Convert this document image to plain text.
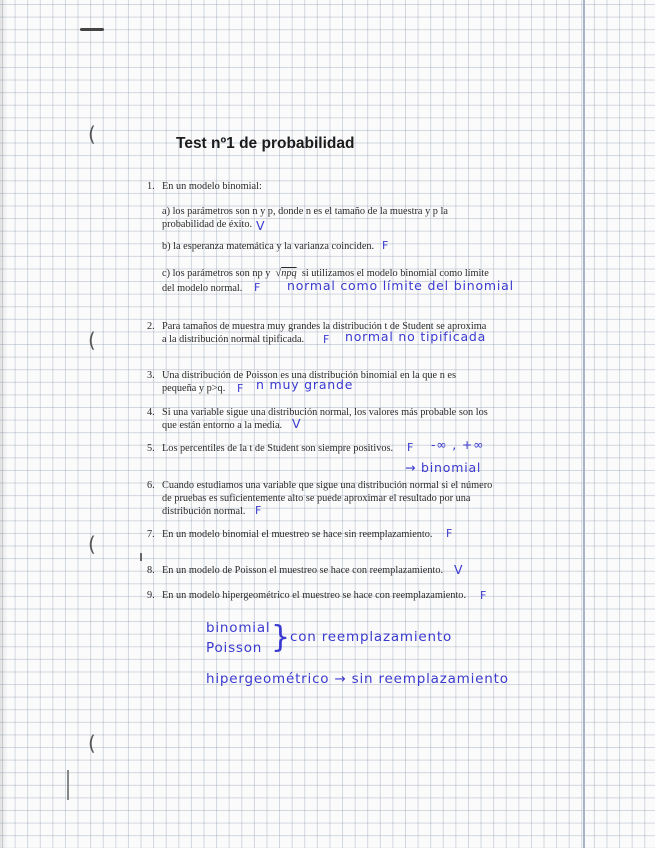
(
(
(
(
Test nº1 de probabilidad
1. En un modelo binomial:
a) los parámetros son n y p, donde n es el tamaño de la muestra y p la
probabilidad de éxito. V
b) la esperanza matemática y la varianza coinciden. F
c) los parámetros son np y  √npq si utilizamos el modelo binomial como límite
del modelo normal. F normal como límite del binomial
2. Para tamaños de muestra muy grandes la distribución t de Student se aproxima
a la distribución normal tipificada. F normal no tipificada
3. Una distribución de Poisson es una distribución binomial en la que n es
pequeña y p>q. F n muy grande
4. Si una variable sigue una distribución normal, los valores más probable son los
que están entorno a la media. V
5. Los percentiles de la t de Student son siempre positivos. F -∞ , +∞
→ binomial
6. Cuando estudiamos una variable que sigue una distribución normal si el número
de pruebas es suficientemente alto se puede aproximar el resultado por una
distribución normal. F
7. En un modelo binomial el muestreo se hace sin reemplazamiento. F
8. En un modelo de Poisson el muestreo se hace con reemplazamiento. V
9. En un modelo hipergeométrico el muestreo se hace con reemplazamiento. F
binomial
Poisson } con reemplazamiento
hipergeométrico → sin reemplazamiento
